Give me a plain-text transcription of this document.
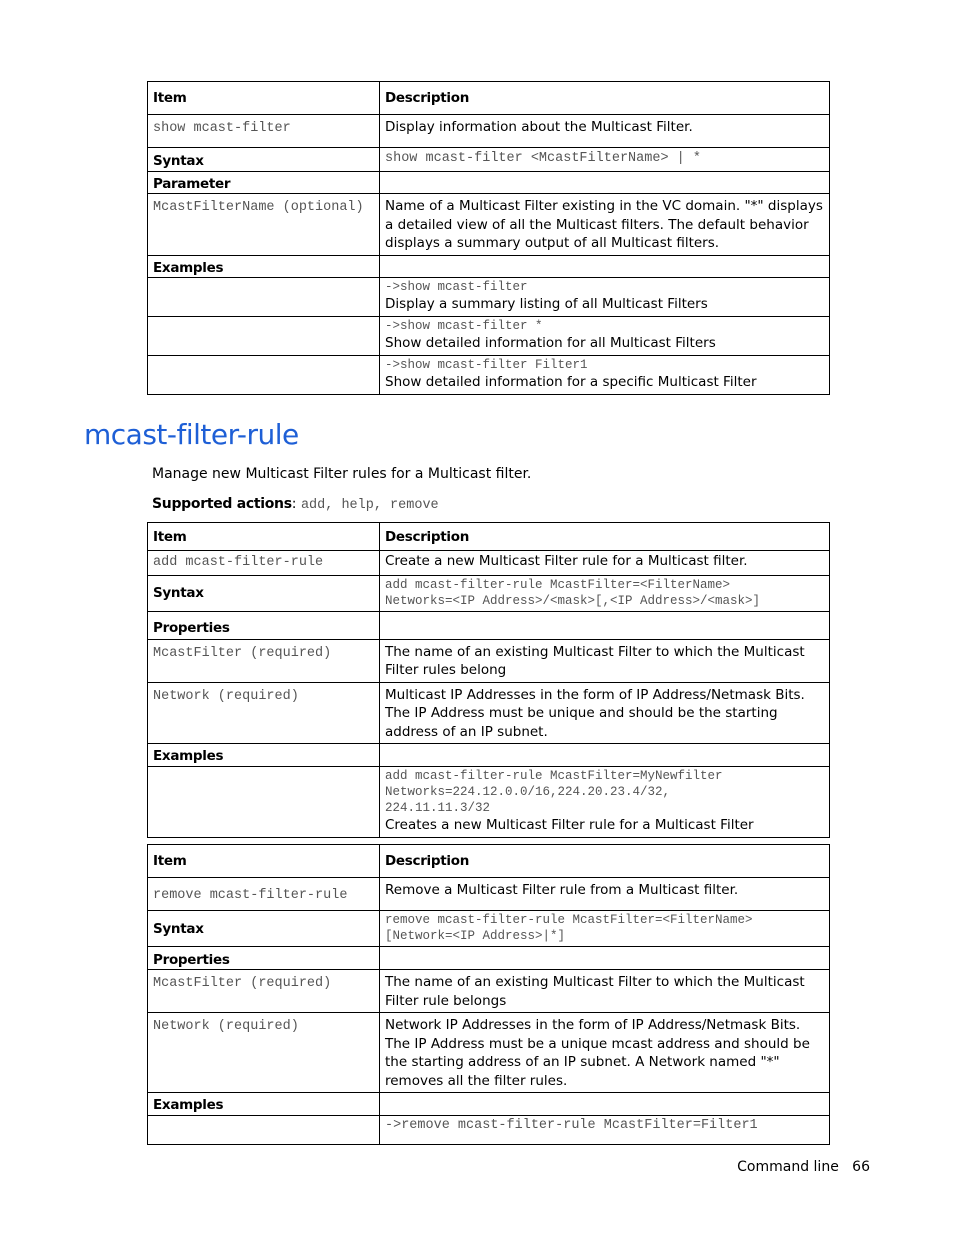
Item	Description
show mcast-filter	Display information about the Multicast Filter.
Syntax	show mcast-filter <McastFilterName> | *
Parameter	
McastFilterName (optional)	Name of a Multicast Filter existing in the VC domain. "*" displays a detailed view of all the Multicast filters. The default behavior displays a summary output of all Multicast filters.
Examples	

	->show mcast-filter
Display a summary listing of all Multicast Filters

	->show mcast-filter *
Show detailed information for all Multicast Filters

	->show mcast-filter Filter1
Show detailed information for a specific Multicast Filter
mcast-filter-rule

Manage new Multicast Filter rules for a Multicast filter.

Supported actions: add, help, remove

Item	Description
add mcast-filter-rule	Create a new Multicast Filter rule for a Multicast filter.
Syntax	add mcast-filter-rule McastFilter=<FilterName>
Networks=<IP Address>/<mask>[,<IP Address>/<mask>]

Properties	
McastFilter (required)	The name of an existing Multicast Filter to which the Multicast Filter rules belong
Network (required)	Multicast IP Addresses in the form of IP Address/Netmask Bits. The IP Address must be unique and should be the starting address of an IP subnet.
Examples	

	add mcast-filter-rule McastFilter=MyNewfilter
Networks=224.12.0.0/16,224.20.23.4/32,
224.11.11.3/32
Creates a new Multicast Filter rule for a Multicast Filter
Item	Description
remove mcast-filter-rule	Remove a Multicast Filter rule from a Multicast filter.
Syntax	remove mcast-filter-rule McastFilter=<FilterName>
[Network=<IP Address>|*]

Properties	
McastFilter (required)	The name of an existing Multicast Filter to which the Multicast Filter rule belongs
Network (required)	Network IP Addresses in the form of IP Address/Netmask Bits. The IP Address must be a unique mcast address and should be the starting address of an IP subnet. A Network named "*" removes all the filter rules.
Examples	
	->remove mcast-filter-rule McastFilter=Filter1
Command line 66
